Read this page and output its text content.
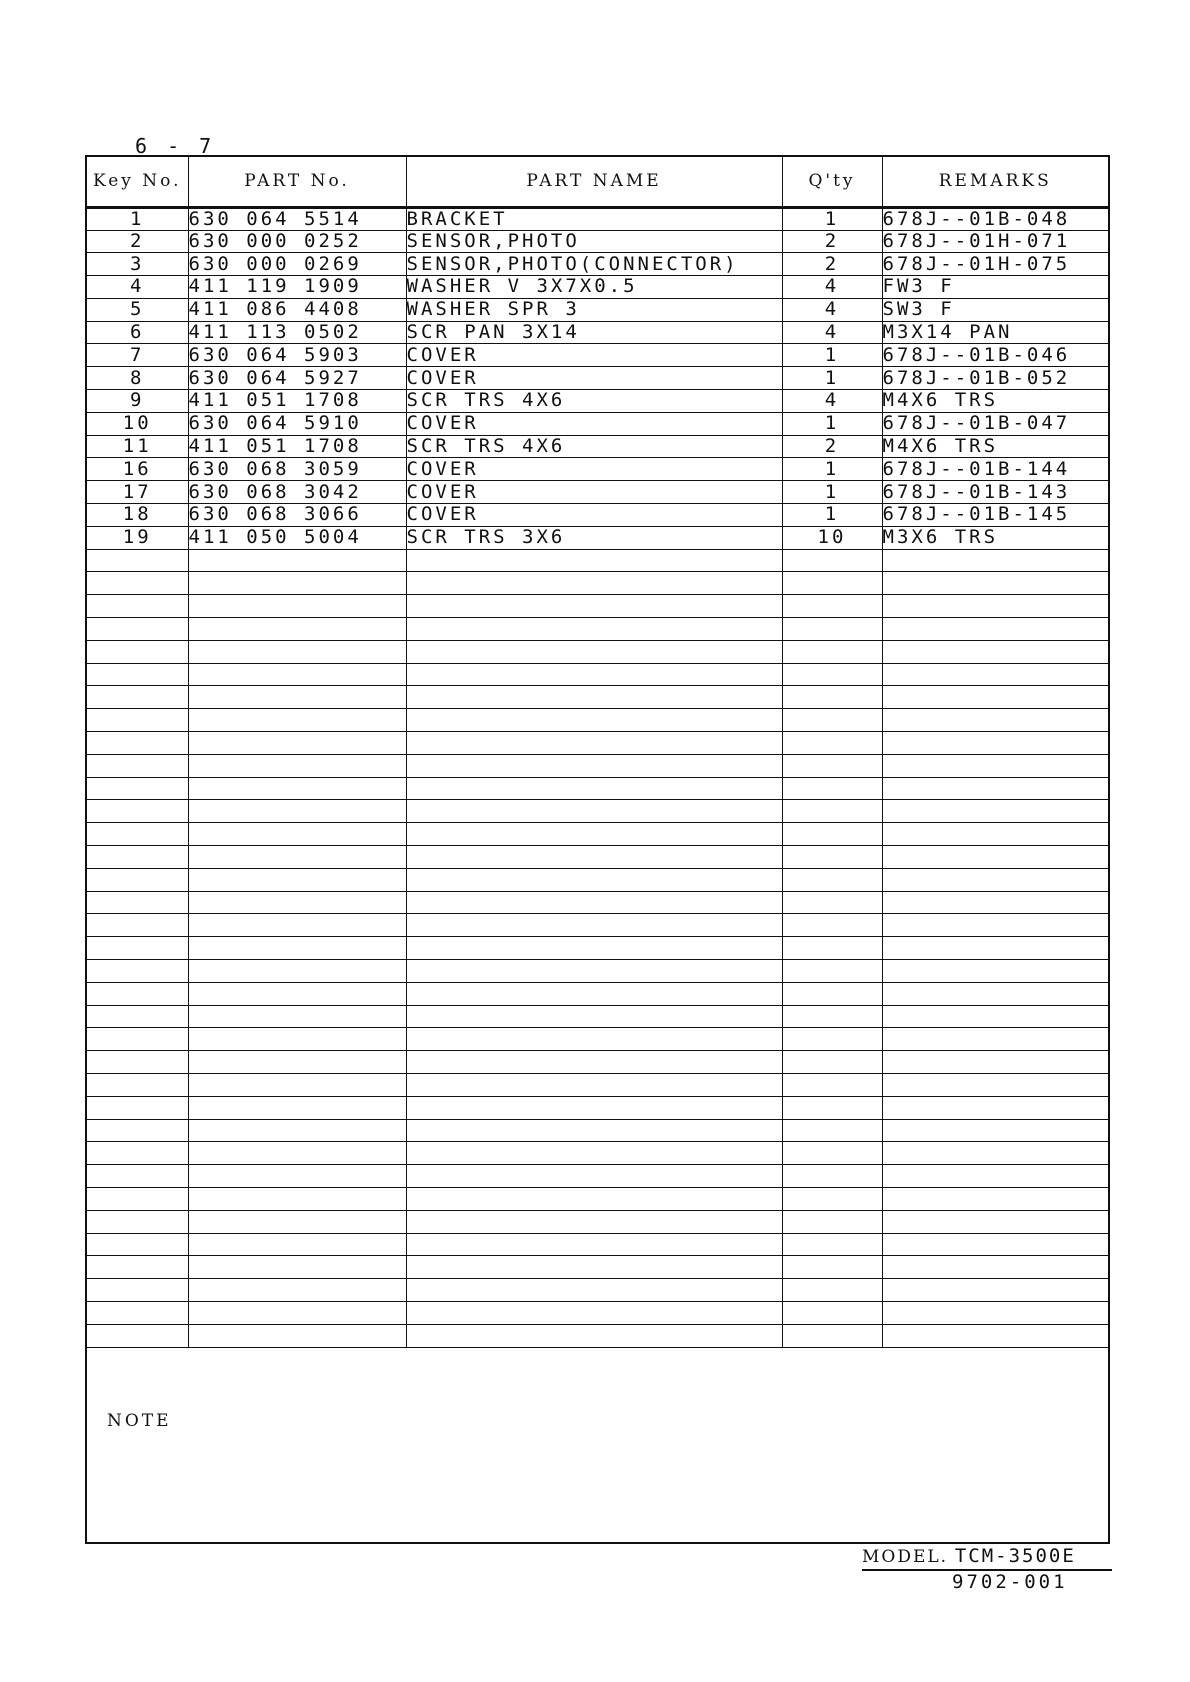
6 - 7
Key No.	PART No.	PART NAME	Q'ty	REMARKS
1	630 064 5514	BRACKET	1	678J--01B-048
2	630 000 0252	SENSOR,PHOTO	2	678J--01H-071
3	630 000 0269	SENSOR,PHOTO(CONNECTOR)	2	678J--01H-075
4	411 119 1909	WASHER V 3X7X0.5	4	FW3 F
5	411 086 4408	WASHER SPR 3	4	SW3 F
6	411 113 0502	SCR PAN 3X14	4	M3X14 PAN
7	630 064 5903	COVER	1	678J--01B-046
8	630 064 5927	COVER	1	678J--01B-052
9	411 051 1708	SCR TRS 4X6	4	M4X6 TRS
10	630 064 5910	COVER	1	678J--01B-047
11	411 051 1708	SCR TRS 4X6	2	M4X6 TRS
16	630 068 3059	COVER	1	678J--01B-144
17	630 068 3042	COVER	1	678J--01B-143
18	630 068 3066	COVER	1	678J--01B-145
19	411 050 5004	SCR TRS 3X6	10	M3X6 TRS

NOTE
MODEL. TCM-3500E
9702-001
